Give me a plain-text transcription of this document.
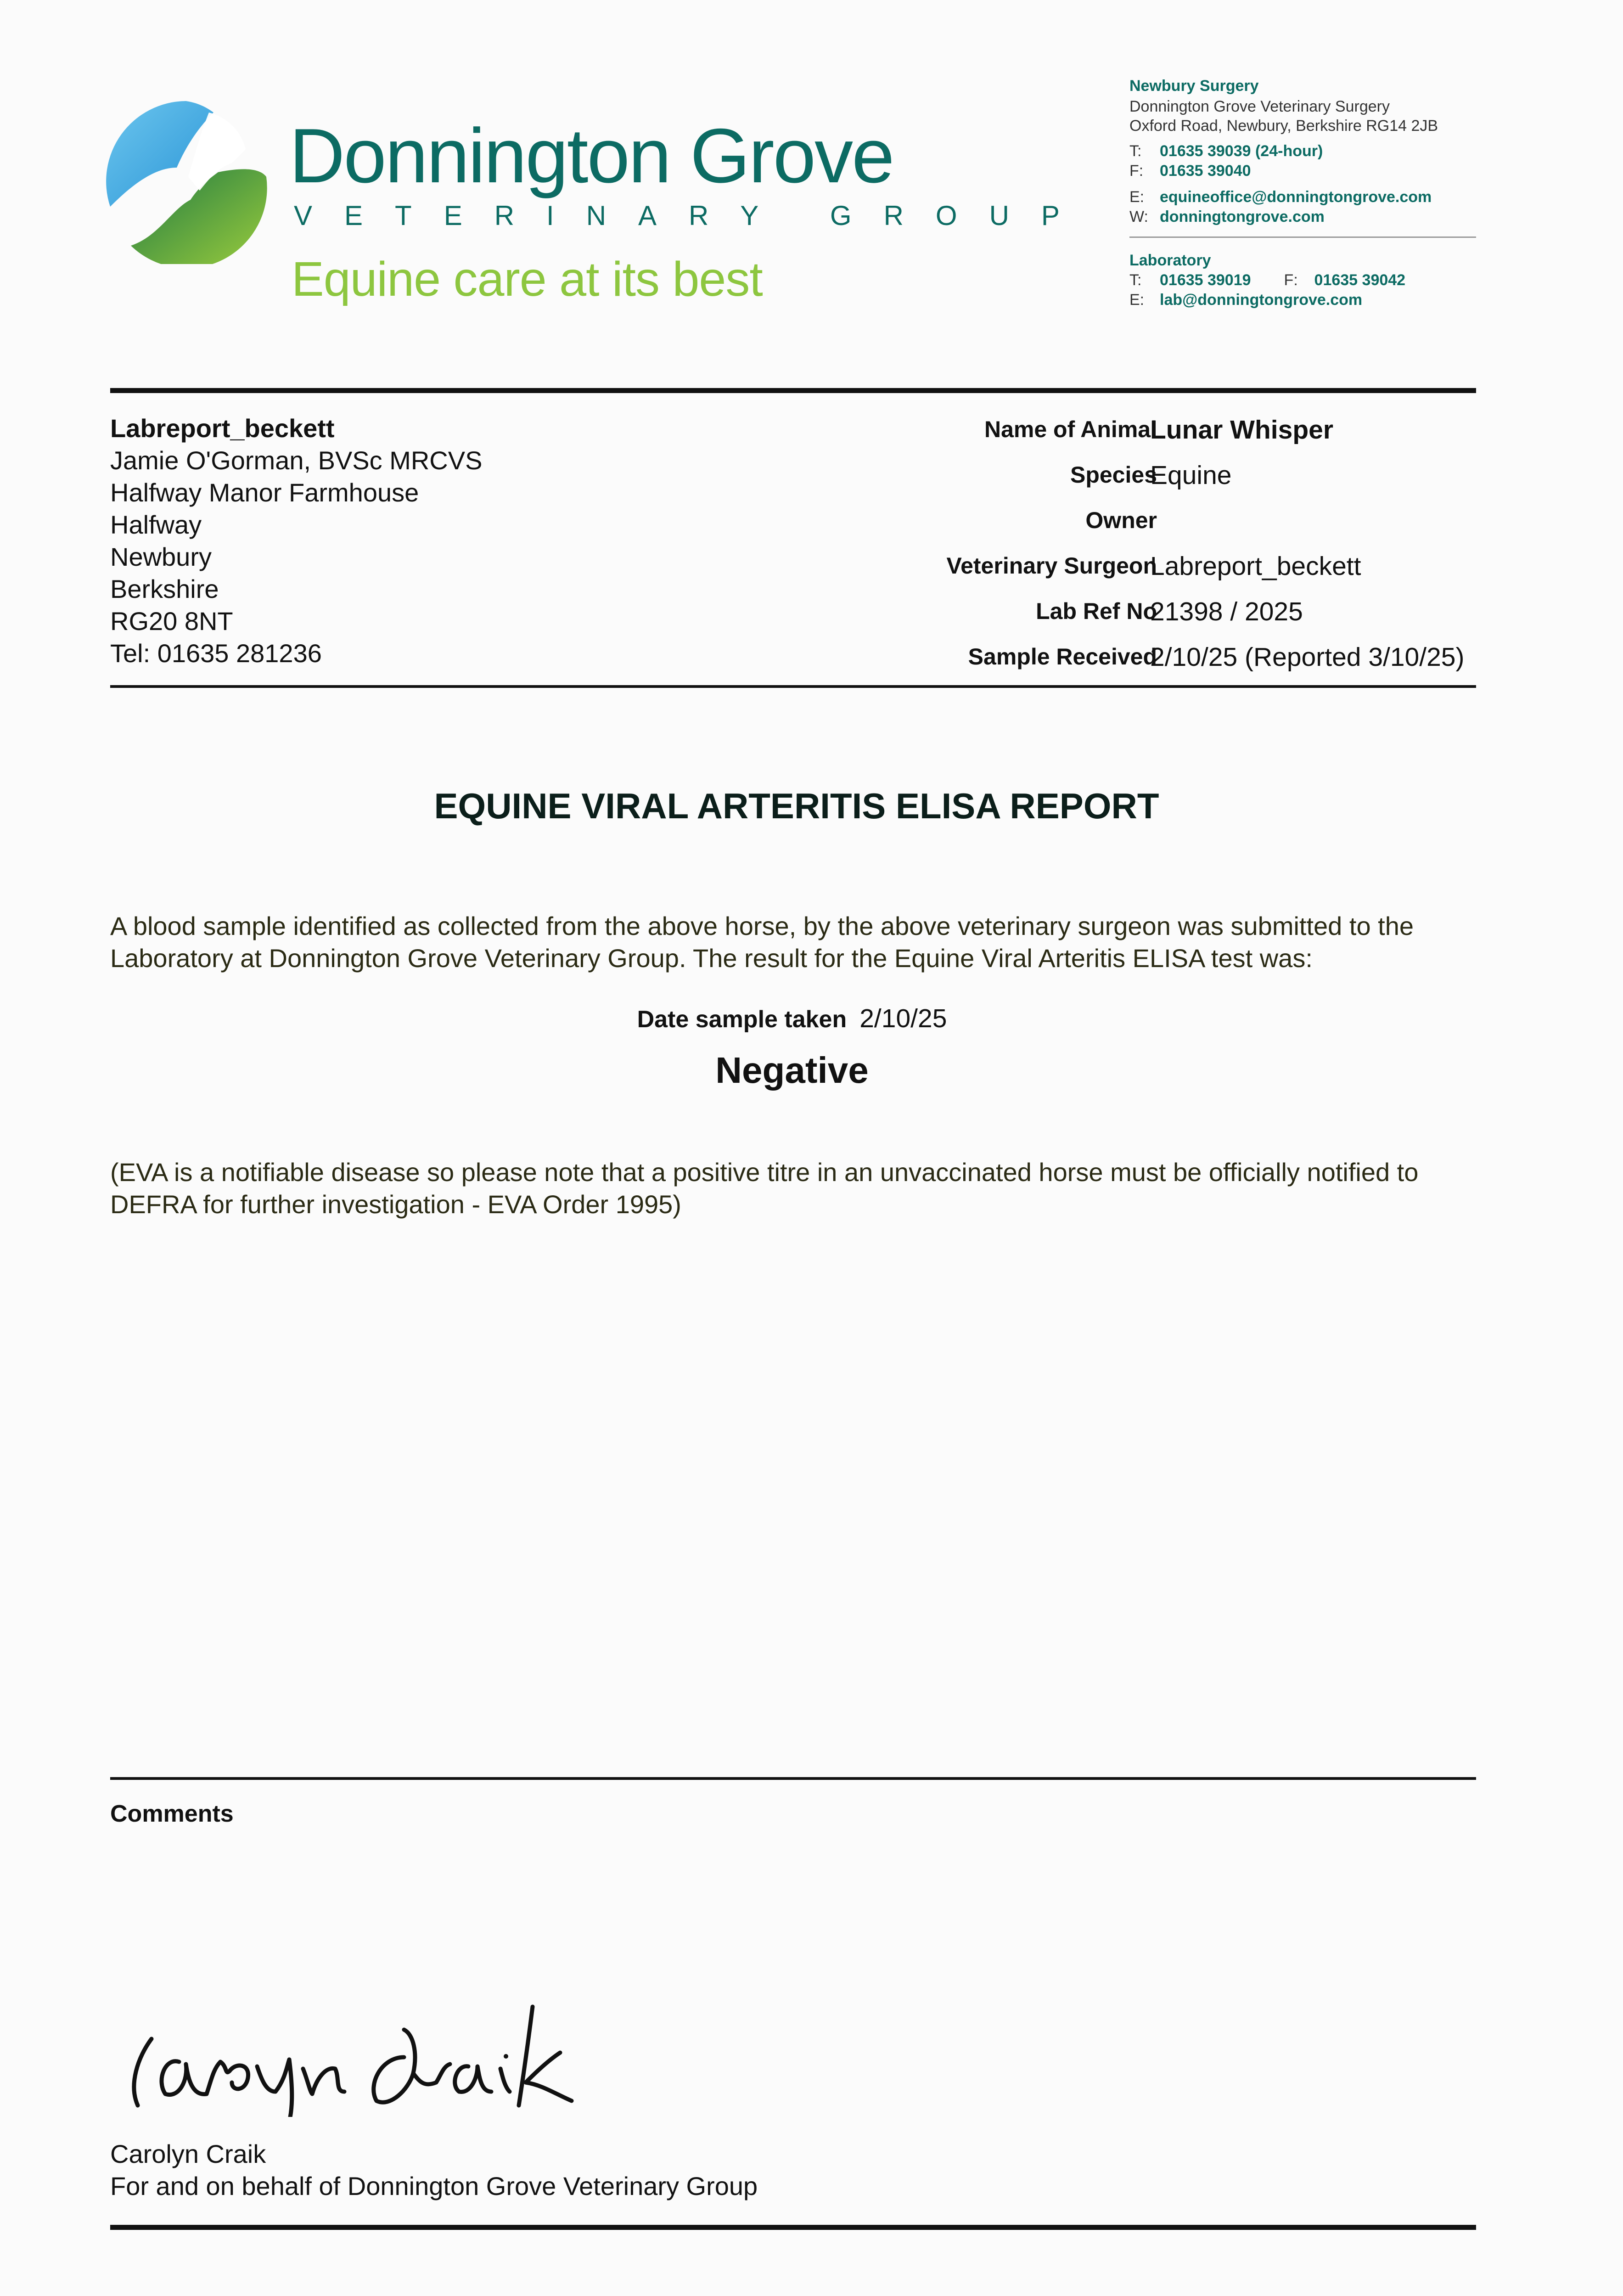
Donnington Grove
VETERINARY GROUP
Equine care at its best
Newbury Surgery
Donnington Grove Veterinary Surgery
Oxford Road, Newbury, Berkshire RG14 2JB
T: 01635 39039 (24-hour)
F: 01635 39040
E: equineoffice@donningtongrove.com
W: donningtongrove.com
Laboratory
T: 01635 39019 F: 01635 39042
E: lab@donningtongrove.com
Labreport_beckett
Jamie O'Gorman, BVSc MRCVS
Halfway Manor Farmhouse
Halfway
Newbury
Berkshire
RG20 8NT
Tel: 01635 281236
Name of Animal
Lunar Whisper
Species
Equine
Owner
Veterinary Surgeon
Labreport_beckett
Lab Ref No
21398 / 2025
Sample Received
2/10/25 (Reported 3/10/25)
EQUINE VIRAL ARTERITIS ELISA REPORT
A blood sample identified as collected from the above horse, by the above veterinary surgeon was submitted to the Laboratory at Donnington Grove Veterinary Group. The result for the Equine Viral Arteritis ELISA test was:
Date sample taken 2/10/25
Negative
(EVA is a notifiable disease so please note that a positive titre in an unvaccinated horse must be officially notified to DEFRA for further investigation - EVA Order 1995)
Comments
Carolyn Craik
For and on behalf of Donnington Grove Veterinary Group
